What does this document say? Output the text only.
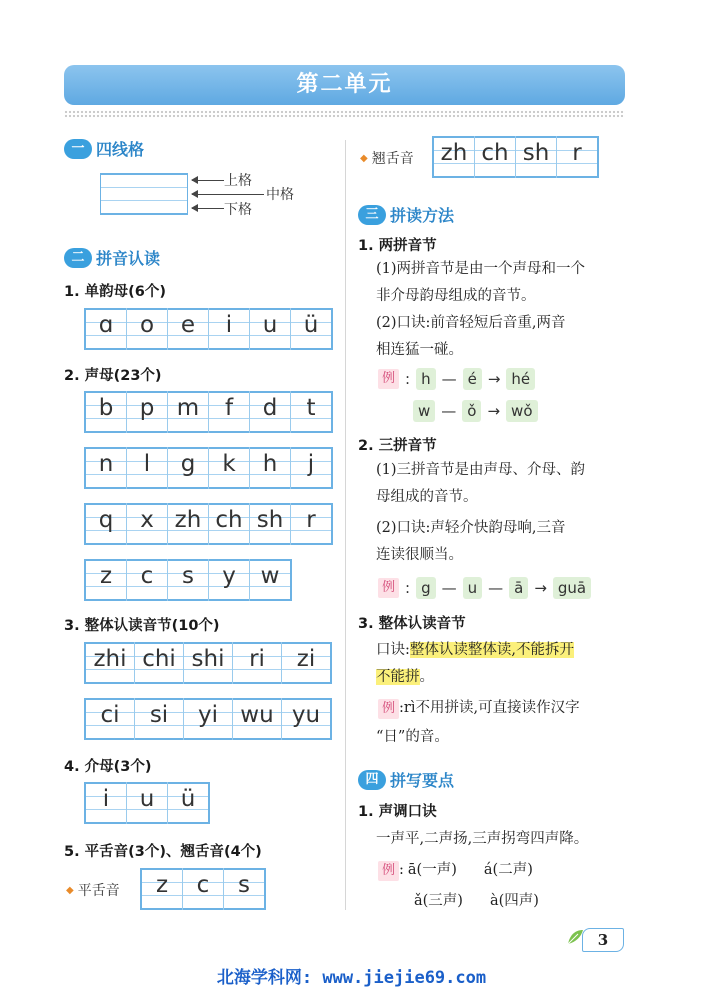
第二单元
一 四线格
上格
中格
下格
二 拼音认读
1. 单韵母(6个)
ɑ	o	e	i	u	ü
2. 声母(23个)
b	p m	f	d	t
n	l	g	k	h	j
q	x zh ch sh r
z	c	s	y	w
3. 整体认读音节(10个)
zhi chi shi	ri	zi
ci	si	yi wu yu
4. 介母(3个)
i	u	ü
5. 平舌音(3个)、翘舌音(4个)
◆ 平舌音	z	c	s
◆ 翘舌音 zh ch sh r
三 拼读方法
1. 两拼音节
(1)两拼音节是由一个声母和一个
非介母韵母组成的音节。
(2)口诀:前音轻短后音重,两音
相连猛一碰。
例 : h — é → hé
w — ǒ → wǒ
2. 三拼音节
(1)三拼音节是由声母、介母、韵
母组成的音节。
(2)口诀:声轻介快韵母响,三音
连读很顺当。
例 : g — u — ā → guā
3. 整体认读音节
口诀:整体认读整体读,不能拆开
不能拼。
例 :rì不用拼读,可直接读作汉字
“日”的音。
四 拼写要点
1. 声调口诀
一声平,二声扬,三声拐弯四声降。
例 : ā(一声)	á(二声)
ǎ(三声)	à(四声)
3
北海学科网: www.jiejie69.com
